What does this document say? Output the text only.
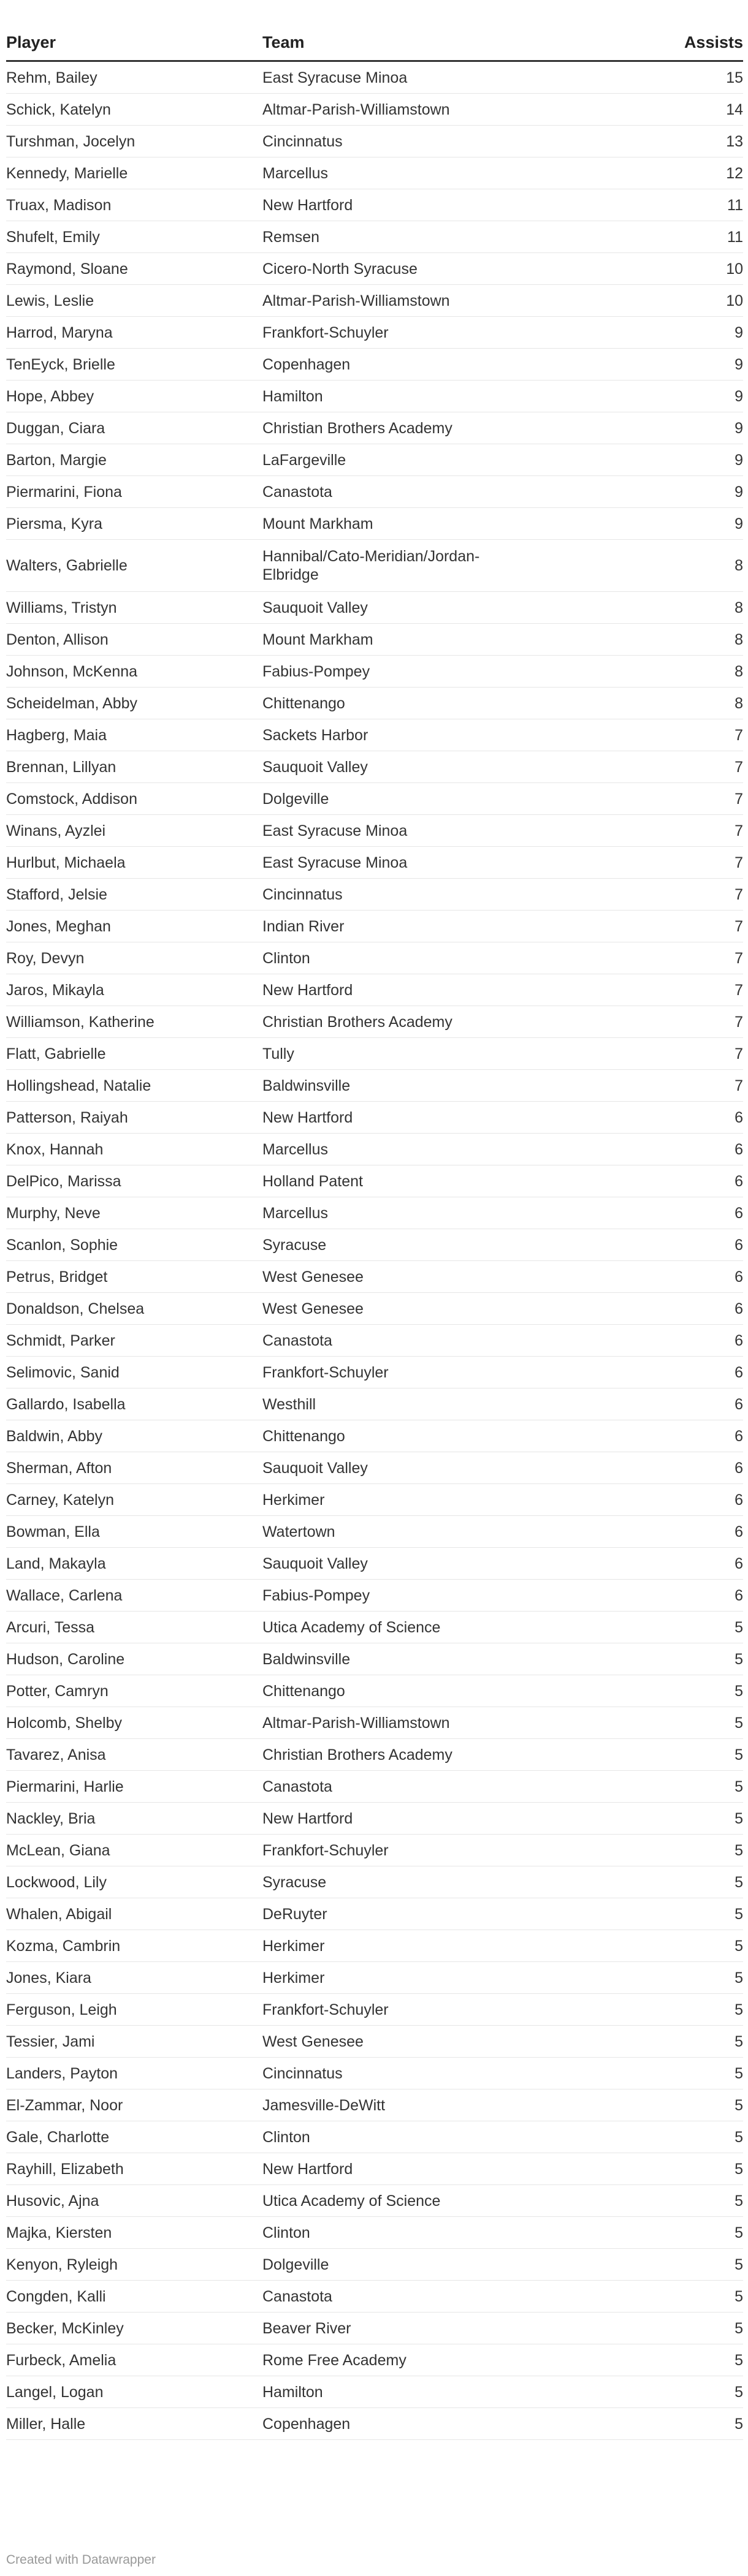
Player	Team	Assists
Rehm, Bailey	East Syracuse Minoa	15
Schick, Katelyn	Altmar-Parish-Williamstown	14
Turshman, Jocelyn	Cincinnatus	13
Kennedy, Marielle	Marcellus	12
Truax, Madison	New Hartford	11
Shufelt, Emily	Remsen	11
Raymond, Sloane	Cicero-North Syracuse	10
Lewis, Leslie	Altmar-Parish-Williamstown	10
Harrod, Maryna	Frankfort-Schuyler	9
TenEyck, Brielle	Copenhagen	9
Hope, Abbey	Hamilton	9
Duggan, Ciara	Christian Brothers Academy	9
Barton, Margie	LaFargeville	9
Piermarini, Fiona	Canastota	9
Piersma, Kyra	Mount Markham	9
Walters, Gabrielle	Hannibal/Cato-Meridian/Jordan-Elbridge	8
Williams, Tristyn	Sauquoit Valley	8
Denton, Allison	Mount Markham	8
Johnson, McKenna	Fabius-Pompey	8
Scheidelman, Abby	Chittenango	8
Hagberg, Maia	Sackets Harbor	7
Brennan, Lillyan	Sauquoit Valley	7
Comstock, Addison	Dolgeville	7
Winans, Ayzlei	East Syracuse Minoa	7
Hurlbut, Michaela	East Syracuse Minoa	7
Stafford, Jelsie	Cincinnatus	7
Jones, Meghan	Indian River	7
Roy, Devyn	Clinton	7
Jaros, Mikayla	New Hartford	7
Williamson, Katherine	Christian Brothers Academy	7
Flatt, Gabrielle	Tully	7
Hollingshead, Natalie	Baldwinsville	7
Patterson, Raiyah	New Hartford	6
Knox, Hannah	Marcellus	6
DelPico, Marissa	Holland Patent	6
Murphy, Neve	Marcellus	6
Scanlon, Sophie	Syracuse	6
Petrus, Bridget	West Genesee	6
Donaldson, Chelsea	West Genesee	6
Schmidt, Parker	Canastota	6
Selimovic, Sanid	Frankfort-Schuyler	6
Gallardo, Isabella	Westhill	6
Baldwin, Abby	Chittenango	6
Sherman, Afton	Sauquoit Valley	6
Carney, Katelyn	Herkimer	6
Bowman, Ella	Watertown	6
Land, Makayla	Sauquoit Valley	6
Wallace, Carlena	Fabius-Pompey	6
Arcuri, Tessa	Utica Academy of Science	5
Hudson, Caroline	Baldwinsville	5
Potter, Camryn	Chittenango	5
Holcomb, Shelby	Altmar-Parish-Williamstown	5
Tavarez, Anisa	Christian Brothers Academy	5
Piermarini, Harlie	Canastota	5
Nackley, Bria	New Hartford	5
McLean, Giana	Frankfort-Schuyler	5
Lockwood, Lily	Syracuse	5
Whalen, Abigail	DeRuyter	5
Kozma, Cambrin	Herkimer	5
Jones, Kiara	Herkimer	5
Ferguson, Leigh	Frankfort-Schuyler	5
Tessier, Jami	West Genesee	5
Landers, Payton	Cincinnatus	5
El-Zammar, Noor	Jamesville-DeWitt	5
Gale, Charlotte	Clinton	5
Rayhill, Elizabeth	New Hartford	5
Husovic, Ajna	Utica Academy of Science	5
Majka, Kiersten	Clinton	5
Kenyon, Ryleigh	Dolgeville	5
Congden, Kalli	Canastota	5
Becker, McKinley	Beaver River	5
Furbeck, Amelia	Rome Free Academy	5
Langel, Logan	Hamilton	5
Miller, Halle	Copenhagen	5
Created with Datawrapper
